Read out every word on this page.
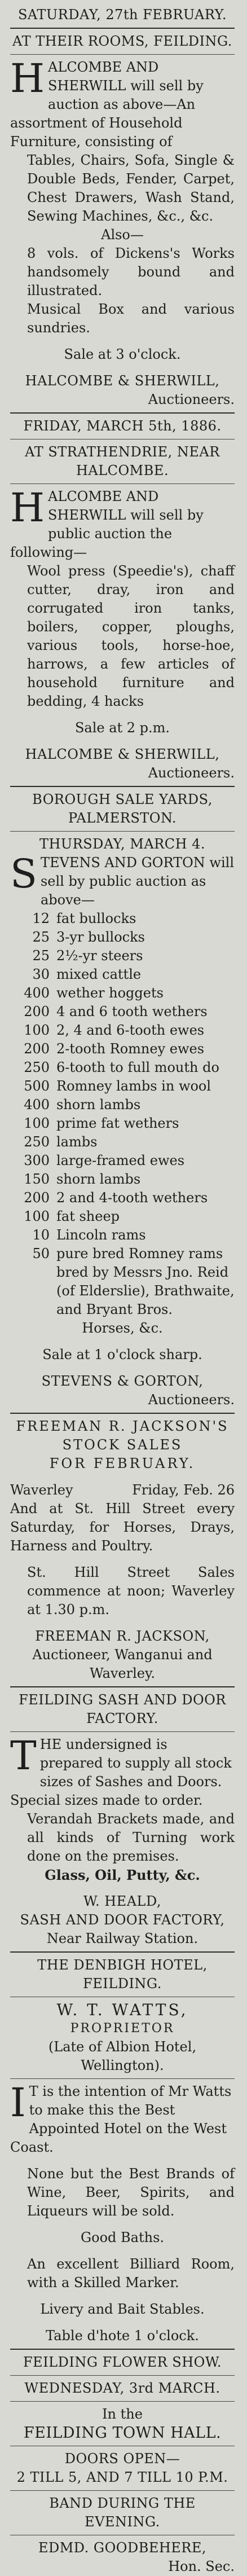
SATURDAY, 27th FEBRUARY.
AT THEIR ROOMS, FEILDING.
H ALCOMBE AND SHERWILL will sell by auction as above—An assortment of Household Furniture, consisting of
Tables, Chairs, Sofa, Single & Double Beds, Fender, Carpet, Chest Drawers, Wash Stand, Sewing Machines, &c., &c.
Also—
8 vols. of Dickens's Works handsomely bound and illustrated.
Musical Box and various sundries.
Sale at 3 o'clock.
HALCOMBE & SHERWILL,
Auctioneers.
FRIDAY, MARCH 5th, 1886.
AT STRATHENDRIE, NEAR HALCOMBE.
H ALCOMBE AND SHERWILL will sell by public auction the following—
Wool press (Speedie's), chaff cutter, dray, iron and corrugated iron tanks, boilers, copper, ploughs, various tools, horse-hoe, harrows, a few articles of household furniture and bedding, 4 hacks
Sale at 2 p.m.
HALCOMBE & SHERWILL,
Auctioneers.
BOROUGH SALE YARDS, PALMERSTON.
THURSDAY, MARCH 4.
S TEVENS AND GORTON will sell by public auction as above—
12 fat bullocks
25 3-yr bullocks
25 2½-yr steers
30 mixed cattle
400 wether hoggets
200 4 and 6 tooth wethers
100 2, 4 and 6-tooth ewes
200 2-tooth Romney ewes
250 6-tooth to full mouth do
500 Romney lambs in wool
400 shorn lambs
100 prime fat wethers
250 lambs
300 large-framed ewes
150 shorn lambs
200 2 and 4-tooth wethers
100 fat sheep
10 Lincoln rams
50 pure bred Romney rams bred by Messrs Jno. Reid (of Elderslie), Brathwaite, and Bryant Bros.
Horses, &c.
Sale at 1 o'clock sharp.
STEVENS & GORTON,
Auctioneers.
FREEMAN R. JACKSON'S
STOCK SALES
FOR FEBRUARY.
Waverley	Friday, Feb. 26
And at St. Hill Street every Saturday, for Horses, Drays, Harness and Poultry.
St. Hill Street Sales commence at noon; Waverley at 1.30 p.m.
FREEMAN R. JACKSON,
Auctioneer, Wanganui and Waverley.
FEILDING SASH AND DOOR FACTORY.
T HE undersigned is prepared to supply all stock sizes of Sashes and Doors. Special sizes made to order.
Verandah Brackets made, and all kinds of Turning work done on the premises.
Glass, Oil, Putty, &c.
W. HEALD,
SASH AND DOOR FACTORY,
Near Railway Station.
THE DENBIGH HOTEL,
FEILDING.
W. T. WATTS,
PROPRIETOR
(Late of Albion Hotel, Wellington).
I T is the intention of Mr Watts to make this the Best Appointed Hotel on the West Coast.
None but the Best Brands of Wine, Beer, Spirits, and Liqueurs will be sold.
Good Baths.
An excellent Billiard Room, with a Skilled Marker.
Livery and Bait Stables.
Table d'hote 1 o'clock.
FEILDING FLOWER SHOW.
WEDNESDAY, 3rd MARCH.
In the
FEILDING TOWN HALL.
DOORS OPEN—
2 TILL 5, AND 7 TILL 10 P.M.
BAND DURING THE EVENING.
EDMD. GOODBEHERE,
Hon. Sec.
